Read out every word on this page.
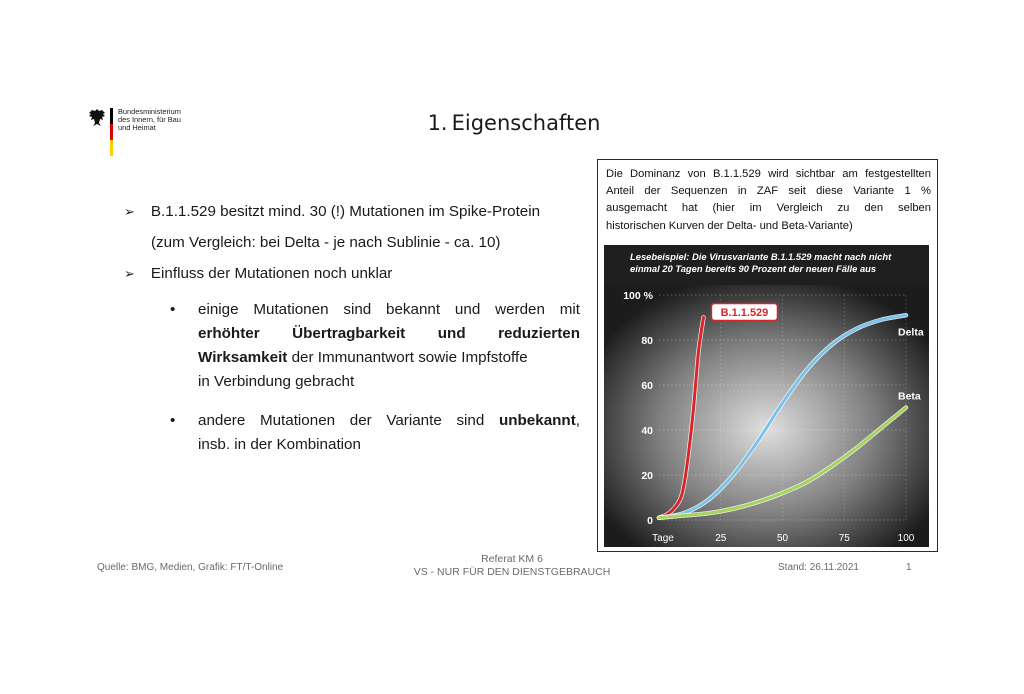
Bundesministerium
des Innern, für Bau
und Heimat	1. Eigenschaften
➢ B.1.1.529 besitzt mind. 30 (!) Mutationen im Spike-Protein
(zum Vergleich: bei Delta - je nach Sublinie - ca. 10)
➢ Einfluss der Mutationen noch unklar
• einige Mutationen sind bekannt und werden mit
erhöhter Übertragbarkeit und reduzierten
Wirksamkeit der Immunantwort sowie Impfstoffe
in Verbindung gebracht
• andere Mutationen der Variante sind unbekannt,
insb. in der Kombination
Die Dominanz von B.1.1.529 wird sichtbar am festgestellten
Anteil der Sequenzen in ZAF seit diese Variante 1 %
ausgemacht hat (hier im Vergleich zu den selben
historischen Kurven der Delta- und Beta-Variante)
Lesebeispiel: Die Virusvariante B.1.1.529 macht nach nicht
einmal 20 Tagen bereits 90 Prozent der neuen Fälle aus
0
20
40
60
80
100 %
25	50	75	100
Tage
B.1.1.529
Delta
Beta
Quelle: BMG, Medien, Grafik: FT/T-Online
Referat KM 6
VS - NUR FÜR DEN DIENSTGEBRAUCH	Stand: 26.11.2021	1
